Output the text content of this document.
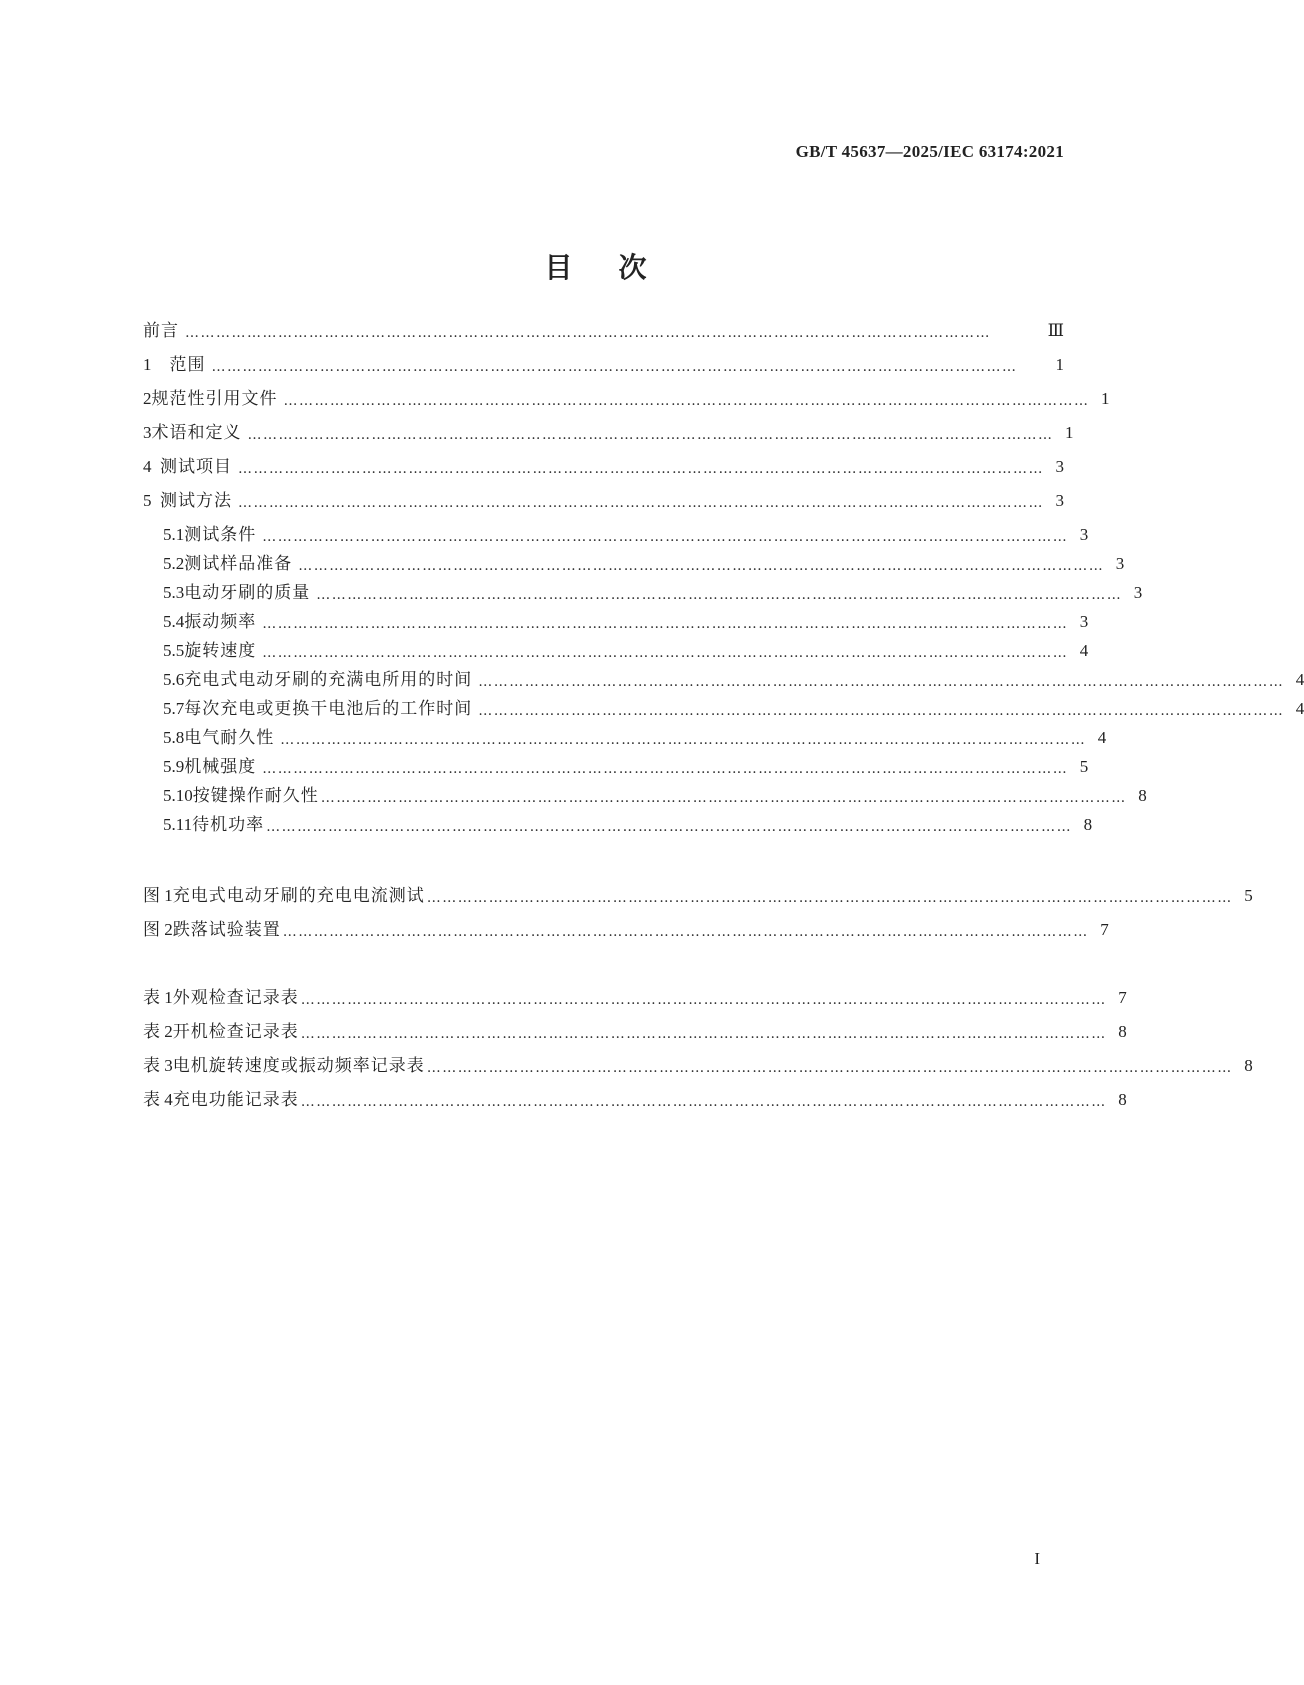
GB/T 45637—2025/IEC 63174:2021
目次
前言 …………………………………………………………………………………………………………………………………………	Ⅲ
1 范围 …………………………………………………………………………………………………………………………………………	1
2 规范性引用文件 ………………………………………………………………………………………………………………………………………… 1
3 术语和定义 ………………………………………………………………………………………………………………………………………… 1
4 测试项目 ………………………………………………………………………………………………………………………………………… 3
5 测试方法 ………………………………………………………………………………………………………………………………………… 3
5.1 测试条件 ………………………………………………………………………………………………………………………………………… 3
5.2 测试样品准备 ………………………………………………………………………………………………………………………………………… 3
5.3 电动牙刷的质量 ………………………………………………………………………………………………………………………………………… 3
5.4 振动频率 ………………………………………………………………………………………………………………………………………… 3
5.5 旋转速度 ………………………………………………………………………………………………………………………………………… 4
5.6 充电式电动牙刷的充满电所用的时间 ………………………………………………………………………………………………………………………………………… 4
5.7 每次充电或更换干电池后的工作时间 ………………………………………………………………………………………………………………………………………… 4
5.8 电气耐久性 ………………………………………………………………………………………………………………………………………… 4
5.9 机械强度 ………………………………………………………………………………………………………………………………………… 5
5.10 按键操作耐久性 ………………………………………………………………………………………………………………………………………… 8
5.11 待机功率 ………………………………………………………………………………………………………………………………………… 8
图 1 充电式电动牙刷的充电电流测试 ………………………………………………………………………………………………………………………………………… 5
图 2 跌落试验装置 ………………………………………………………………………………………………………………………………………… 7
表 1 外观检查记录表 ………………………………………………………………………………………………………………………………………… 7
表 2 开机检查记录表 ………………………………………………………………………………………………………………………………………… 8
表 3 电机旋转速度或振动频率记录表 ………………………………………………………………………………………………………………………………………… 8
表 4 充电功能记录表 ………………………………………………………………………………………………………………………………………… 8
I
